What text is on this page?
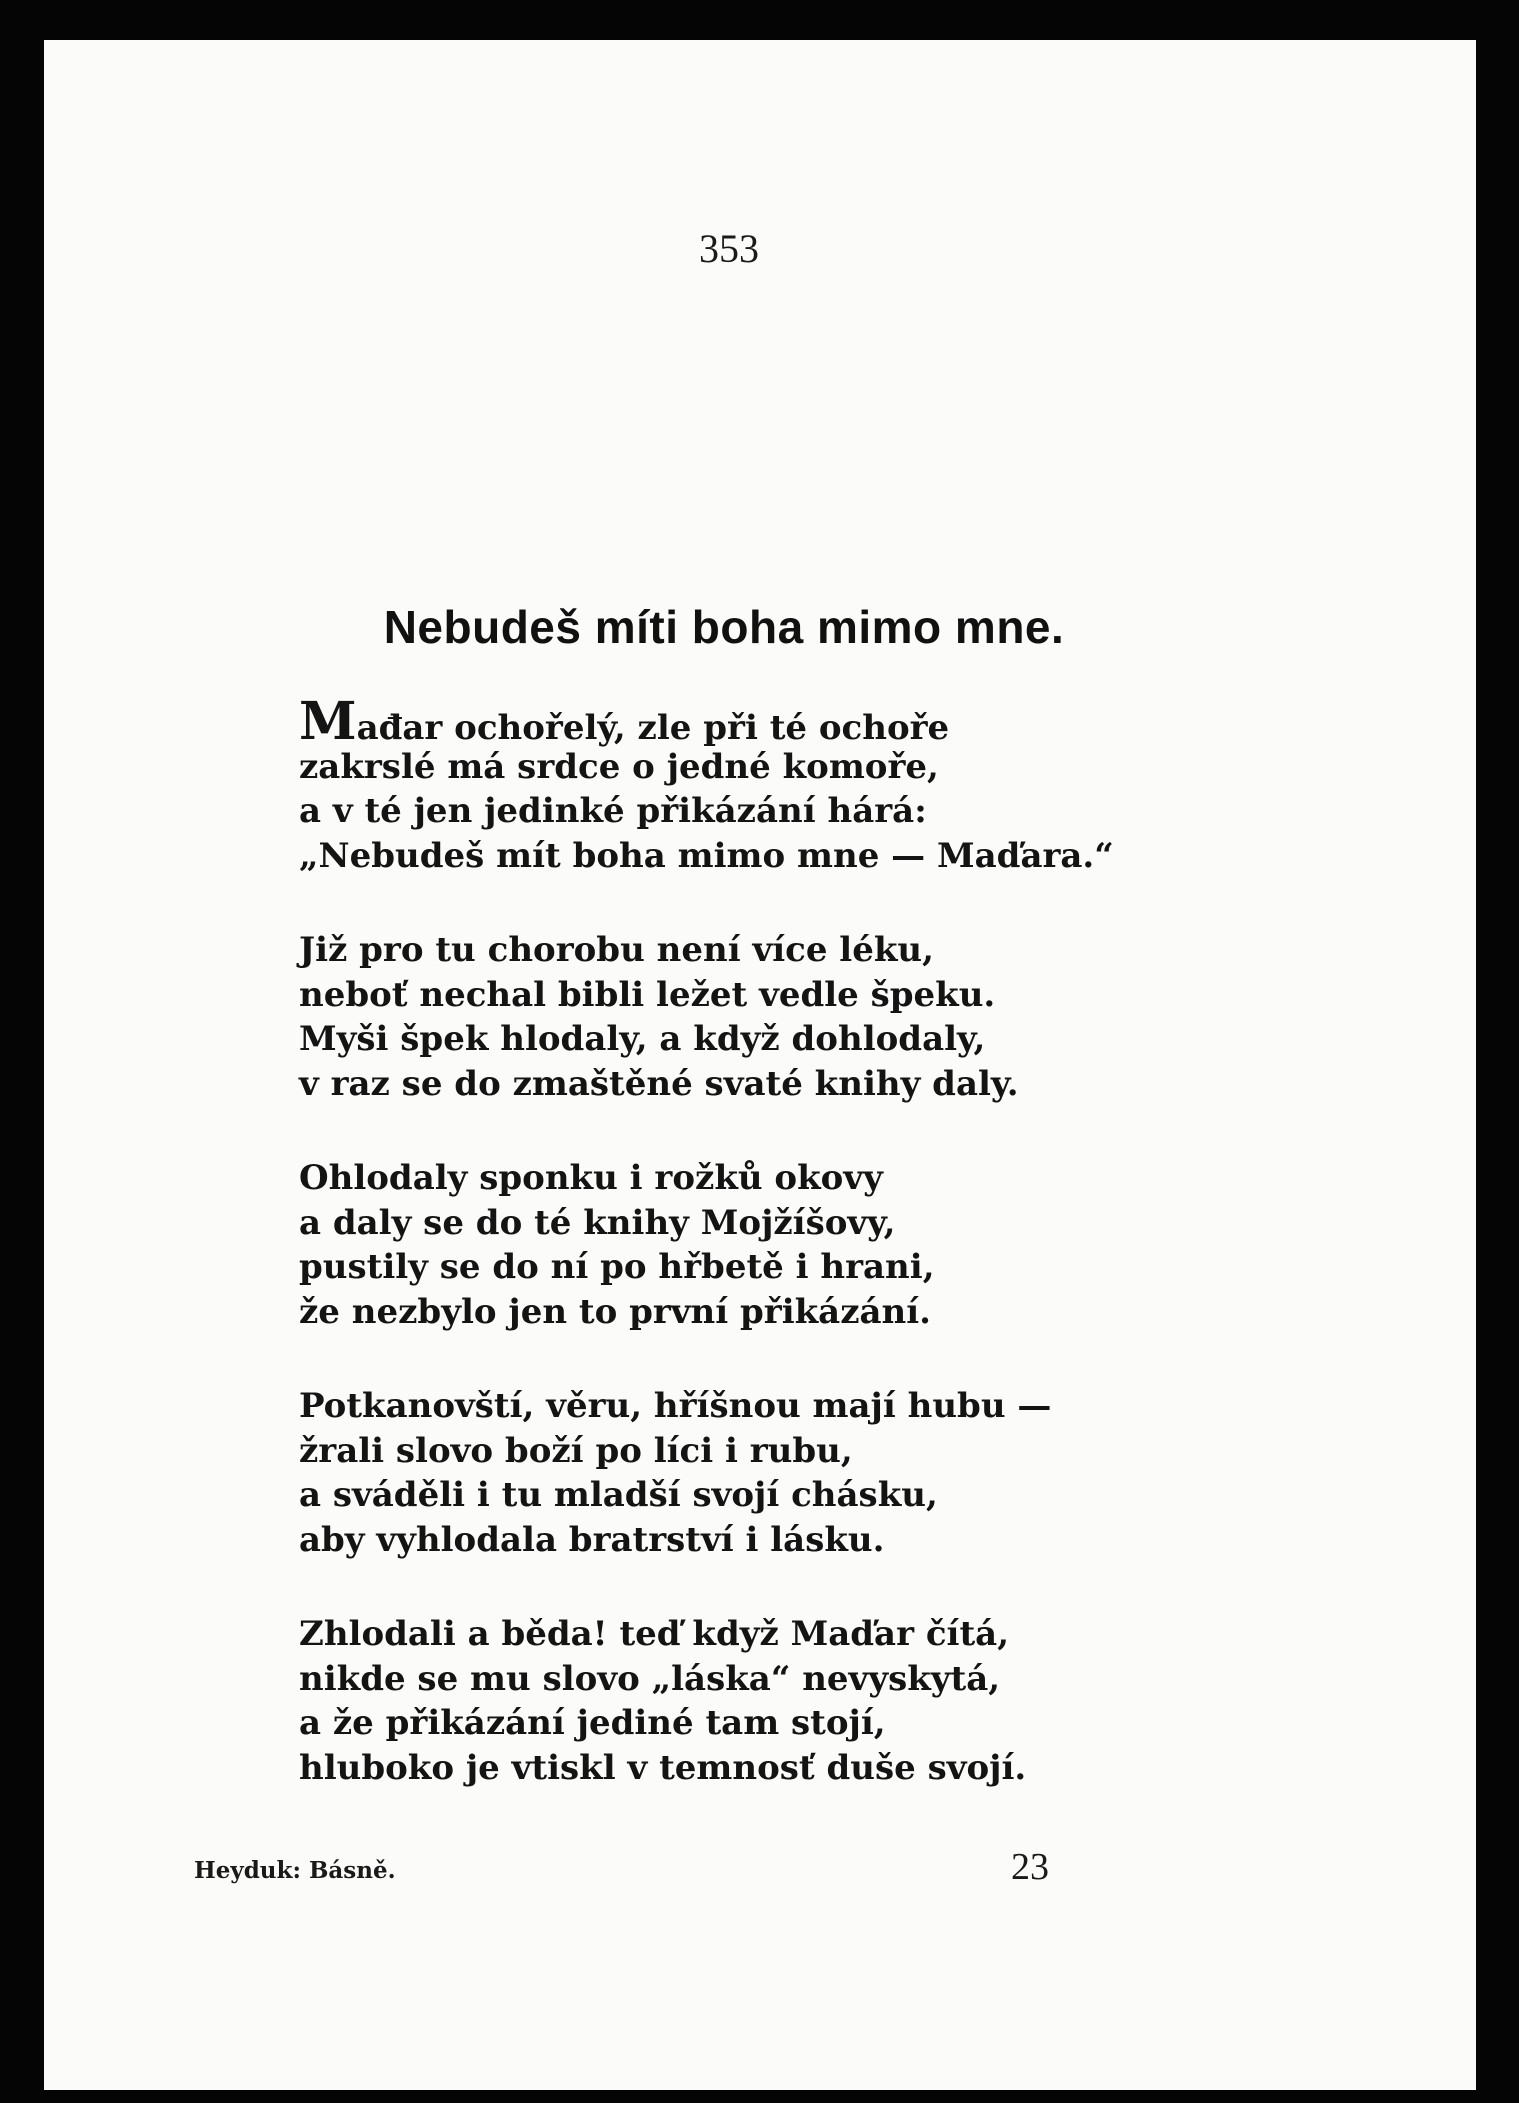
353
Nebudeš míti boha mimo mne.
Mađar ochořelý, zle při té ochoře
zakrslé má srdce o jedné komoře,
a v té jen jedinké přikázání hárá:
„Nebudeš mít boha mimo mne — Maďara.“
Již pro tu chorobu není více léku,
neboť nechal bibli ležet vedle špeku.
Myši špek hlodaly, a když dohlodaly,
v raz se do zmaštěné svaté knihy daly.
Ohlodaly sponku i rožků okovy
a daly se do té knihy Mojžíšovy,
pustily se do ní po hřbetě i hrani,
že nezbylo jen to první přikázání.
Potkanovští, věru, hříšnou mají hubu —
žrali slovo boží po líci i rubu,
a sváděli i tu mladší svojí chásku,
aby vyhlodala bratrství i lásku.
Zhlodali a běda! teď když Maďar čítá,
nikde se mu slovo „láska“ nevyskytá,
a že přikázání jediné tam stojí,
hluboko je vtiskl v temnosť duše svojí.
Heyduk: Básně.	23
